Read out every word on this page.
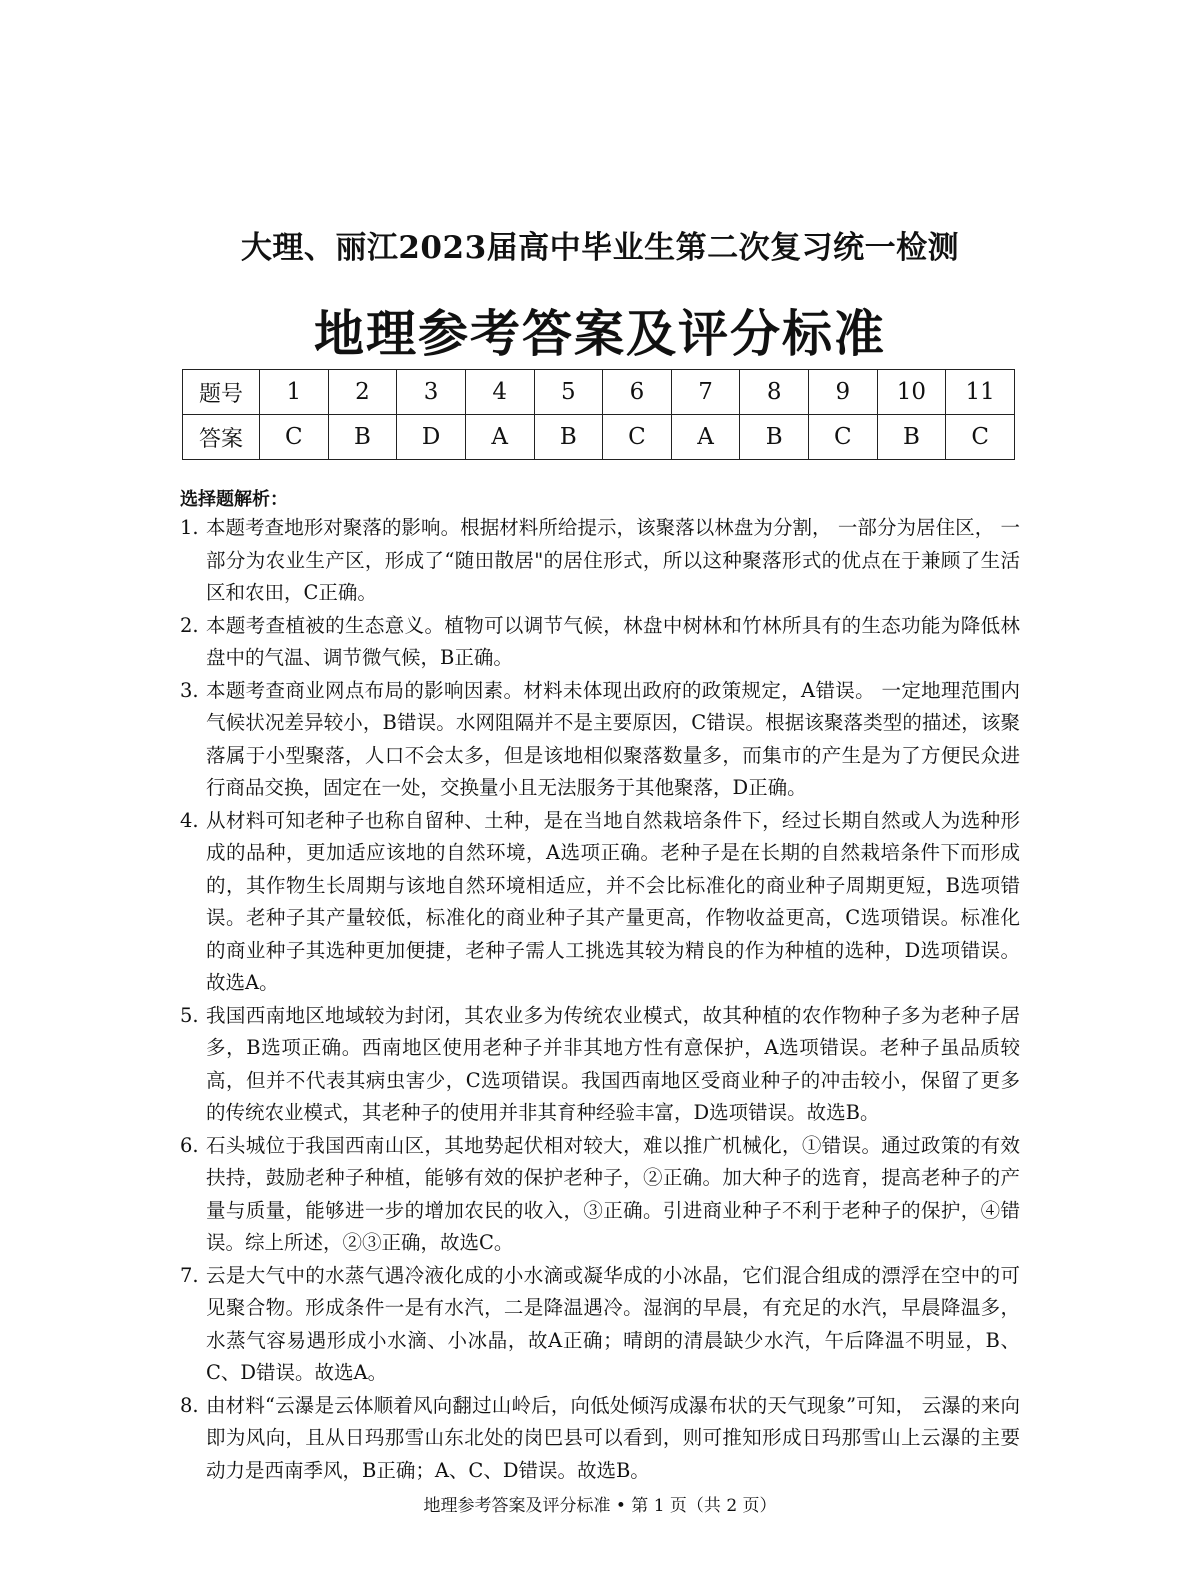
大理、丽江2023届高中毕业生第二次复习统一检测
地理参考答案及评分标准
题号	1	2	3	4	5	6	7	8	9	10	11
答案	C	B	D	A	B	C	A	B	C	B	C
选择题解析：
1. 本题考查地形对聚落的影响。根据材料所给提示，该聚落以林盘为分割， 一部分为居住区， 一部分为农业生产区，形成了“随田散居"的居住形式，所以这种聚落形式的优点在于兼顾了生活区和农田，C正确。
2. 本题考查植被的生态意义。植物可以调节气候，林盘中树林和竹林所具有的生态功能为降低林盘中的气温、调节微气候，B正确。
3. 本题考查商业网点布局的影响因素。材料未体现出政府的政策规定，A错误。 一定地理范围内气候状况差异较小，B错误。水网阻隔并不是主要原因，C错误。根据该聚落类型的描述，该聚落属于小型聚落，人口不会太多，但是该地相似聚落数量多，而集市的产生是为了方便民众进行商品交换，固定在一处，交换量小且无法服务于其他聚落，D正确。
4. 从材料可知老种子也称自留种、土种，是在当地自然栽培条件下，经过长期自然或人为选种形成的品种，更加适应该地的自然环境，A选项正确。老种子是在长期的自然栽培条件下而形成的，其作物生长周期与该地自然环境相适应，并不会比标准化的商业种子周期更短，B选项错误。老种子其产量较低，标准化的商业种子其产量更高，作物收益更高，C选项错误。标准化的商业种子其选种更加便捷，老种子需人工挑选其较为精良的作为种植的选种，D选项错误。故选A。
5. 我国西南地区地域较为封闭，其农业多为传统农业模式，故其种植的农作物种子多为老种子居多，B选项正确。西南地区使用老种子并非其地方性有意保护，A选项错误。老种子虽品质较高，但并不代表其病虫害少，C选项错误。我国西南地区受商业种子的冲击较小，保留了更多的传统农业模式，其老种子的使用并非其育种经验丰富，D选项错误。故选B。
6. 石头城位于我国西南山区，其地势起伏相对较大，难以推广机械化，①错误。通过政策的有效扶持，鼓励老种子种植，能够有效的保护老种子，②正确。加大种子的选育，提高老种子的产量与质量，能够进一步的增加农民的收入，③正确。引进商业种子不利于老种子的保护，④错误。综上所述，②③正确，故选C。
7. 云是大气中的水蒸气遇冷液化成的小水滴或凝华成的小冰晶，它们混合组成的漂浮在空中的可见聚合物。形成条件一是有水汽，二是降温遇冷。湿润的早晨，有充足的水汽，早晨降温多，水蒸气容易遇形成小水滴、小冰晶，故A正确；晴朗的清晨缺少水汽，午后降温不明显，B、C、D错误。故选A。
8. 由材料“云瀑是云体顺着风向翻过山岭后，向低处倾泻成瀑布状的天气现象”可知， 云瀑的来向即为风向，且从日玛那雪山东北处的岗巴县可以看到，则可推知形成日玛那雪山上云瀑的主要动力是西南季风，B正确；A、C、D错误。故选B。
地理参考答案及评分标准 • 第 1 页（共 2 页）
